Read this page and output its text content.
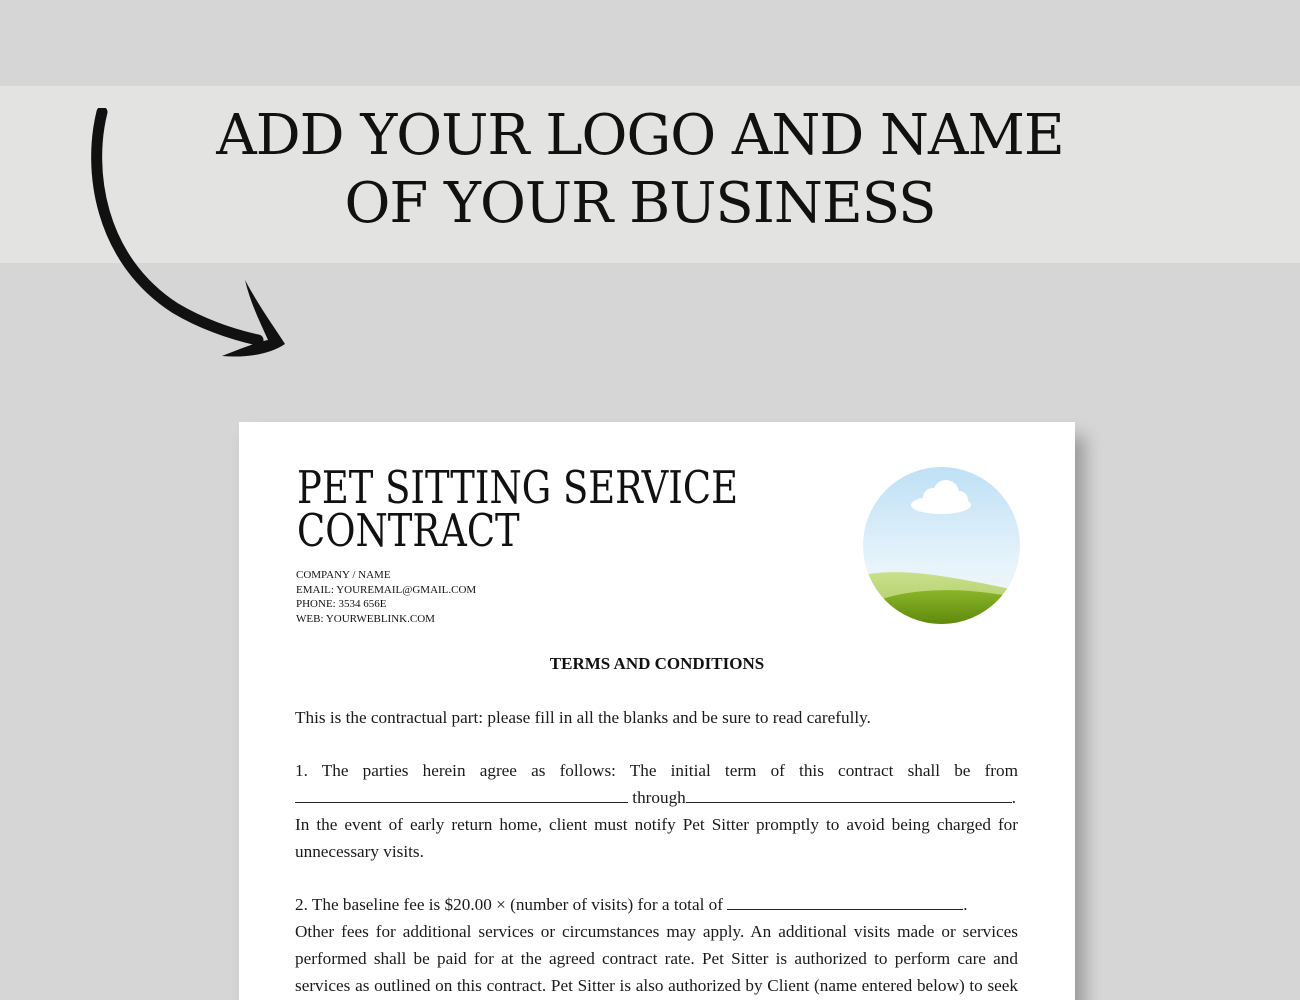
ADD YOUR LOGO AND NAME
OF YOUR BUSINESS
PET SITTING SERVICE
CONTRACT
COMPANY / NAME
EMAIL: YOUREMAIL@GMAIL.COM
PHONE: 3534 656E
WEB: YOURWEBLINK.COM
TERMS AND CONDITIONS

This is the contractual part: please fill in all the blanks and be sure to read carefully.

1. The parties herein agree as follows: The initial term of this contract shall be from
through	.
In the event of early return home, client must notify Pet Sitter promptly to avoid being charged for
unnecessary visits.

2. The baseline fee is $20.00 × (number of visits) for a total of	.
Other fees for additional services or circumstances may apply. An additional visits made or services
performed shall be paid for at the agreed contract rate. Pet Sitter is authorized to perform care and
services as outlined on this contract. Pet Sitter is also authorized by Client (name entered below) to seek
